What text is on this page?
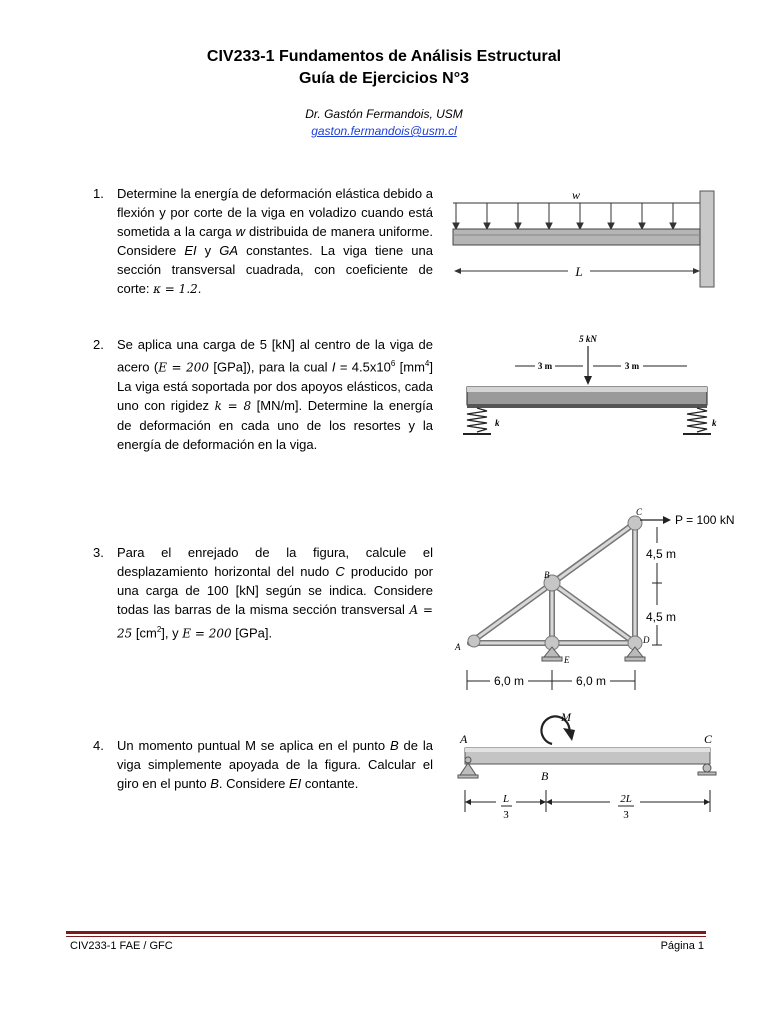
CIV233-1 Fundamentos de Análisis Estructural
Guía de Ejercicios N°3
Dr. Gastón Fermandois, USM
gaston.fermandois@usm.cl
1. Determine la energía de deformación elástica debido a flexión y por corte de la viga en voladizo cuando está sometida a la carga w distribuida de manera uniforme. Considere EI y GA constantes. La viga tiene una sección transversal cuadrada, con coeficiente de corte: κ = 1.2.
w
L
2. Se aplica una carga de 5 [kN] al centro de la viga de acero (E = 200 [GPa]), para la cual $I = 4.5x10^6$ $[mm^4]$ La viga está soportada por dos apoyos elásticos, cada uno con rigidez k = 8 [MN/m]. Determine la energía de deformación en cada uno de los resortes y la energía de deformación en la viga.
5 kN
3 m	3 m
k	k
3. Para el enrejado de la figura, calcule el desplazamiento horizontal del nudo C producido por una carga de 100 [kN] según se indica. Considere todas las barras de la misma sección transversal A = 25 $[cm^2]$, y E = 200 [GPa].
C
B
A
D
E
P = 100 kN
4,5 m
4,5 m
6,0 m	6,0 m
4. Un momento puntual M se aplica en el punto B de la viga simplemente apoyada de la figura. Calcular el giro en el punto B. Considere EI contante.
M
A
B
C
L
3
2L
3
CIV233-1 FAE / GFC	Página 1
